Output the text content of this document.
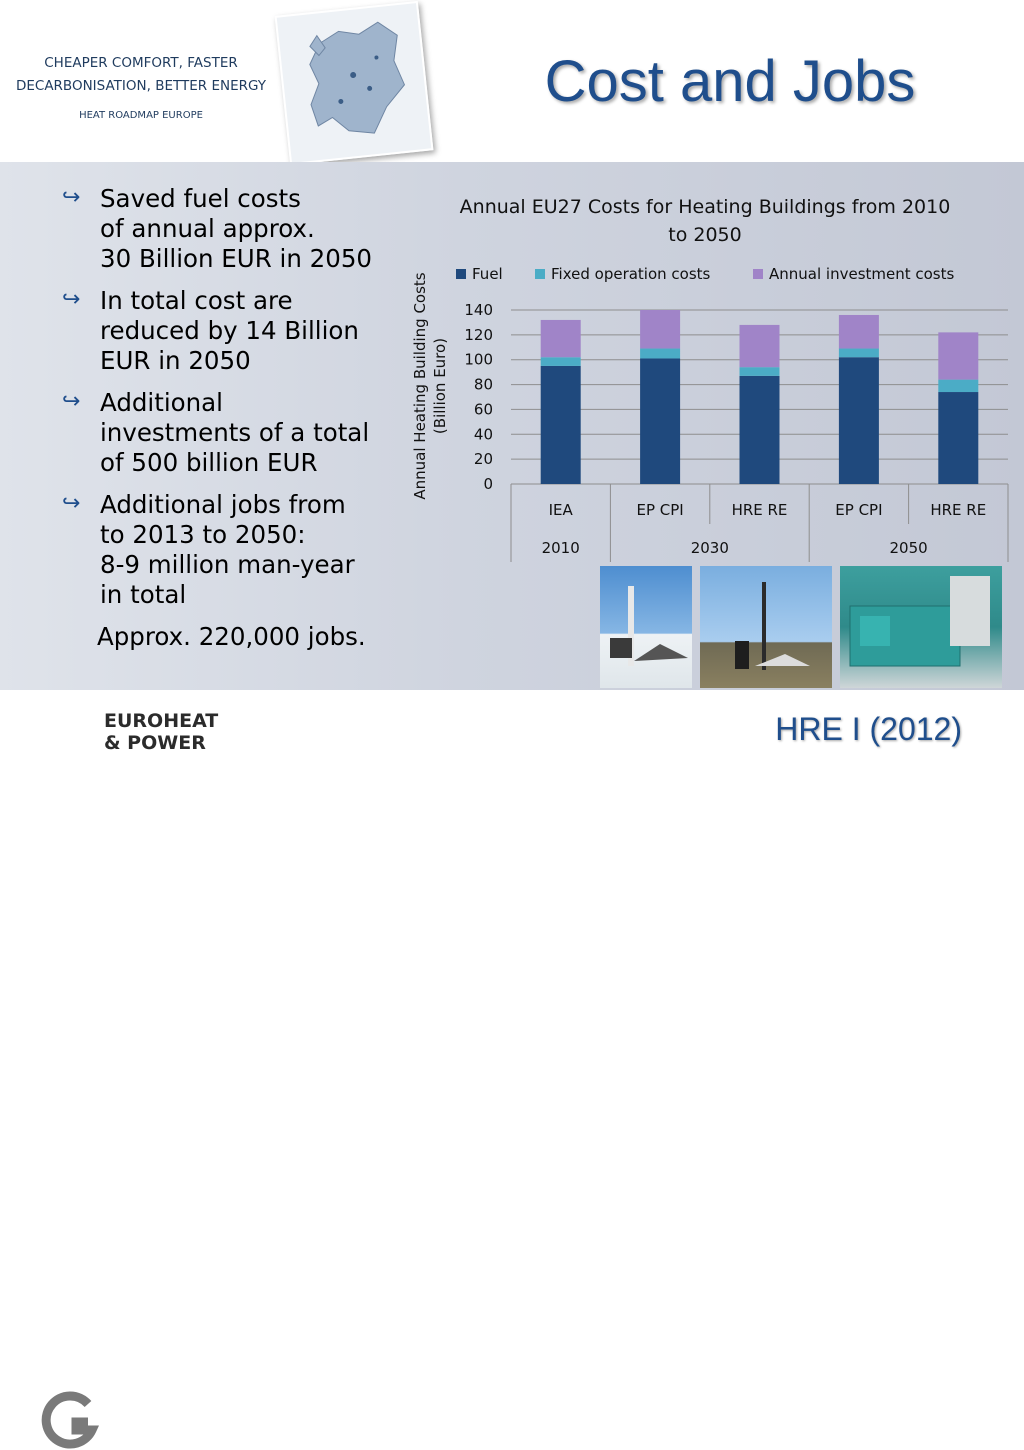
CHEAPER COMFORT, FASTER
DECARBONISATION, BETTER ENERGY
HEAT ROADMAP EUROPE
Cost and Jobs
↪ Saved fuel costs
of annual approx.
30 Billion EUR in 2050
↪ In total cost are
reduced by 14 Billion
EUR in 2050
↪ Additional
investments of a total
of 500 billion EUR
↪ Additional jobs from
to 2013 to 2050:
8-9 million man-year
in total
Approx. 220,000 jobs.
Annual EU27 Costs for Heating Buildings from 2010
to 2050
Fuel	Fixed operation costs	Annual investment costs
Annual Heating Building Costs (Billion Euro)
0
20
40
60
80
100
120
140
IEA	EP CPI	HRE RE	EP CPI	HRE RE
2010	2030	2050
EUROHEAT
& POWER	HRE I (2012)
